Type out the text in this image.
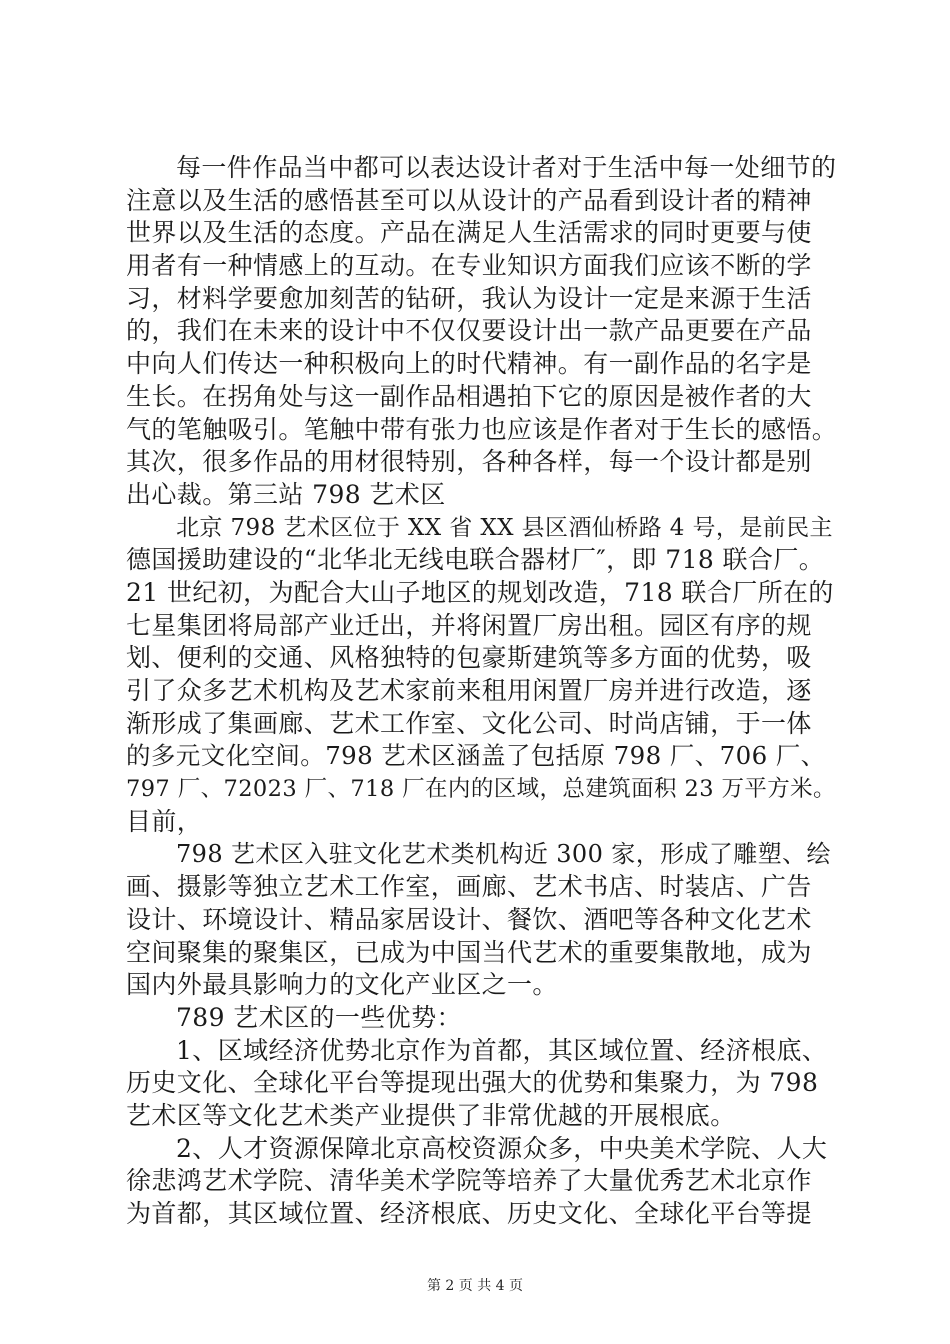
每一件作品当中都可以表达设计者对于生活中每一处细节的
注意以及生活的感悟甚至可以从设计的产品看到设计者的精神
世界以及生活的态度。产品在满足人生活需求的同时更要与使
用者有一种情感上的互动。在专业知识方面我们应该不断的学
习，材料学要愈加刻苦的钻研，我认为设计一定是来源于生活
的，我们在未来的设计中不仅仅要设计出一款产品更要在产品
中向人们传达一种积极向上的时代精神。有一副作品的名字是
生长。在拐角处与这一副作品相遇拍下它的原因是被作者的大
气的笔触吸引。笔触中带有张力也应该是作者对于生长的感悟。
其次，很多作品的用材很特别，各种各样，每一个设计都是别
出心裁。第三站 798 艺术区
北京 798 艺术区位于 XX 省 XX 县区酒仙桥路 4 号，是前民主
德国援助建设的“北华北无线电联合器材厂″，即 718 联合厂。
21 世纪初，为配合大山子地区的规划改造，718 联合厂所在的
七星集团将局部产业迁出，并将闲置厂房出租。园区有序的规
划、便利的交通、风格独特的包豪斯建筑等多方面的优势，吸
引了众多艺术机构及艺术家前来租用闲置厂房并进行改造，逐
渐形成了集画廊、艺术工作室、文化公司、时尚店铺，于一体
的多元文化空间。798 艺术区涵盖了包括原 798 厂、706 厂、
797 厂、72023 厂、718 厂在内的区域，总建筑面积 23 万平方米。
目前，
798 艺术区入驻文化艺术类机构近 300 家，形成了雕塑、绘
画、摄影等独立艺术工作室，画廊、艺术书店、时装店、广告
设计、环境设计、精品家居设计、餐饮、酒吧等各种文化艺术
空间聚集的聚集区，已成为中国当代艺术的重要集散地，成为
国内外最具影响力的文化产业区之一。
789 艺术区的一些优势：
1、区域经济优势北京作为首都，其区域位置、经济根底、
历史文化、全球化平台等提现出强大的优势和集聚力，为 798
艺术区等文化艺术类产业提供了非常优越的开展根底。
2、人才资源保障北京高校资源众多，中央美术学院、人大
徐悲鸿艺术学院、清华美术学院等培养了大量优秀艺术北京作
为首都，其区域位置、经济根底、历史文化、全球化平台等提
第 2 页 共 4 页
